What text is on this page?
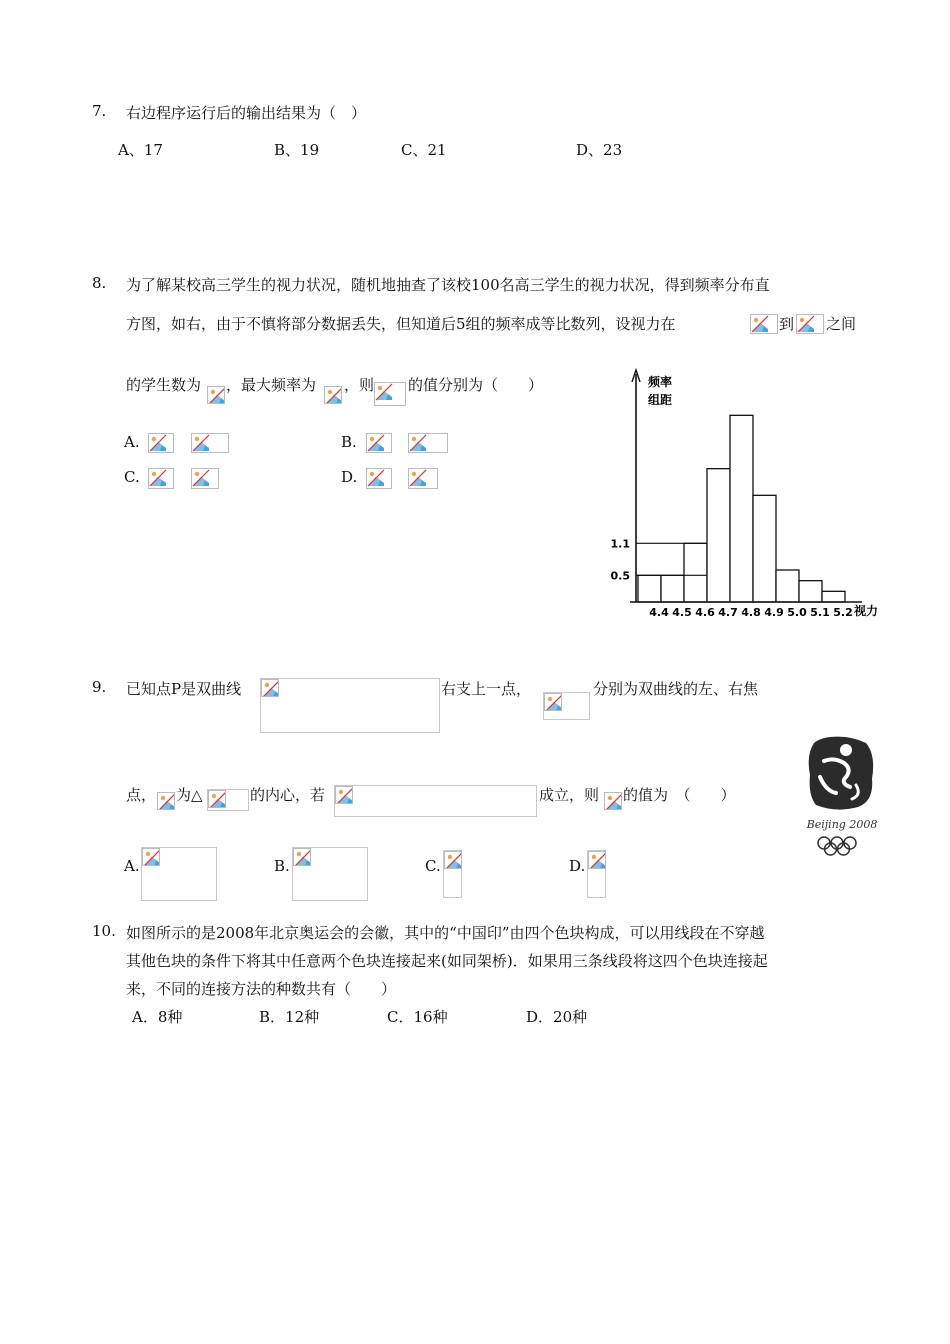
7. 右边程序运行后的输出结果为（　）
A、17	B、19	C、21	D、23
8. 为了解某校高三学生的视力状况，随机地抽查了该校100名高三学生的视力状况，得到频率分布直
方图，如右，由于不慎将部分数据丢失，但知道后5组的频率成等比数列，设视力在	到 之间
的学生数为 ，最大频率为 ，则 的值分别为（　　）
A.	B.
C.	D.
1.1
0.5
4.4 4.5 4.6 4.7 4.8 4.9 5.0 5.1 5.2
频率
组距
视力
9. 已知点P是双曲线	右支上一点，	分别为双曲线的左、右焦
点， 为△	的内心，若	成立，则 的值为　（　　）
A.	B.	C.	D.
Beijing 2008
10. 如图所示的是2008年北京奥运会的会徽，其中的“中国印”由四个色块构成，可以用线段在不穿越
其他色块的条件下将其中任意两个色块连接起来(如同架桥)．如果用三条线段将这四个色块连接起
来，不同的连接方法的种数共有（　　）
A．8种	B．12种	C．16种	D．20种
